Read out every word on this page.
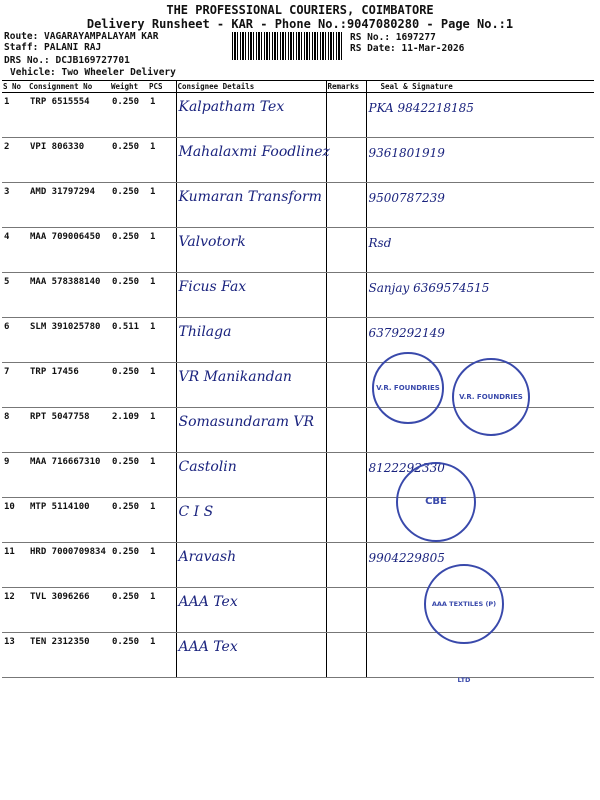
THE PROFESSIONAL COURIERS, COIMBATORE
Delivery Runsheet - KAR - Phone No.:9047080280 - Page No.:1
Route: VAGARAYAMPALAYAM KAR
Staff: PALANI RAJ
DRS No.: DCJB169727701
Vehicle: Two Wheeler Delivery
RS No.: 1697277
RS Date: 11-Mar-2026
S No	Consignment No	Weight	PCS	Consignee Details	Remarks	Seal & Signature
1	TRP 6515554	0.250	1	Kalpatham Tex		PKA 9842218185

2	VPI 806330	0.250	1	Mahalaxmi Foodlinez		9361801919

3	AMD 31797294	0.250	1	Kumaran Transform		9500787239

4	MAA 709006450	0.250	1	Valvotork		Rsd

5	MAA 578388140	0.250	1	Ficus Fax		Sanjay 6369574515

6	SLM 391025780	0.511	1	Thilaga		6379292149

7	TRP 17456	0.250	1	VR Manikandan		

8	RPT 5047758	2.109	1	Somasundaram VR		

9	MAA 716667310	0.250	1	Castolin		8122292330

10	MTP 5114100	0.250	1	C I S		

11	HRD 7000709834	0.250	1	Aravash		9904229805

12	TVL 3096266	0.250	1	AAA Tex		

13	TEN 2312350	0.250	1	AAA Tex		

V.R. FOUNDRIES
V.R. FOUNDRIES
CBE
AAA TEXTILES (P) LTD
